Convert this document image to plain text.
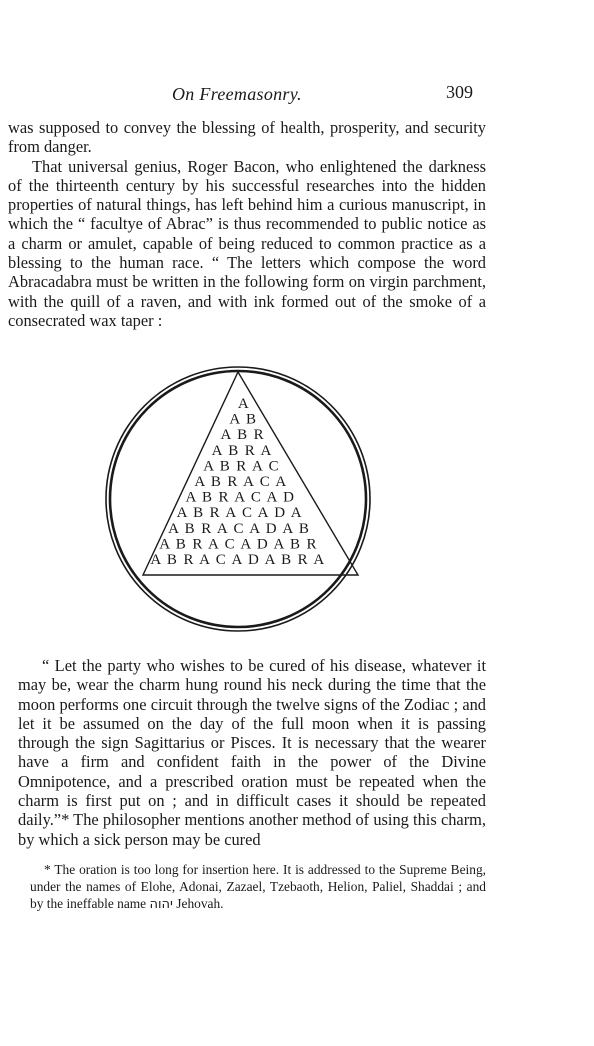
On Freemasonry.	309

was supposed to convey the blessing of health, prosperity, and security from danger.

That universal genius, Roger Bacon, who enlightened the darkness of the thirteenth century by his successful researches into the hidden properties of natural things, has left behind him a curious manuscript, in which the “ facultye of Abrac” is thus recommended to public notice as a charm or amulet, capable of being reduced to common practice as a blessing to the human race. “ The letters which compose the word Abracadabra must be written in the following form on virgin parchment, with the quill of a raven, and with ink formed out of the smoke of a consecrated wax taper :

A
A B
A B R
A B R A
A B R A C
A B R A C A
A B R A C A D
A B R A C A D A
A B R A C A D A B
A B R A C A D A B R
A B R A C A D A B R A

“ Let the party who wishes to be cured of his disease, whatever it may be, wear the charm hung round his neck during the time that the moon performs one circuit through the twelve signs of the Zodiac ; and let it be assumed on the day of the full moon when it is passing through the sign Sagittarius or Pisces. It is necessary that the wearer have a firm and confident faith in the power of the Divine Omnipotence, and a prescribed oration must be repeated when the charm is first put on ; and in difficult cases it should be repeated daily.”* The philosopher mentions another method of using this charm, by which a sick person may be cured

* The oration is too long for insertion here. It is addressed to the Supreme Being, under the names of Elohe, Adonai, Zazael, Tzebaoth, Helion, Paliel, Shaddai ; and by the ineffable name יהוה Jehovah.
